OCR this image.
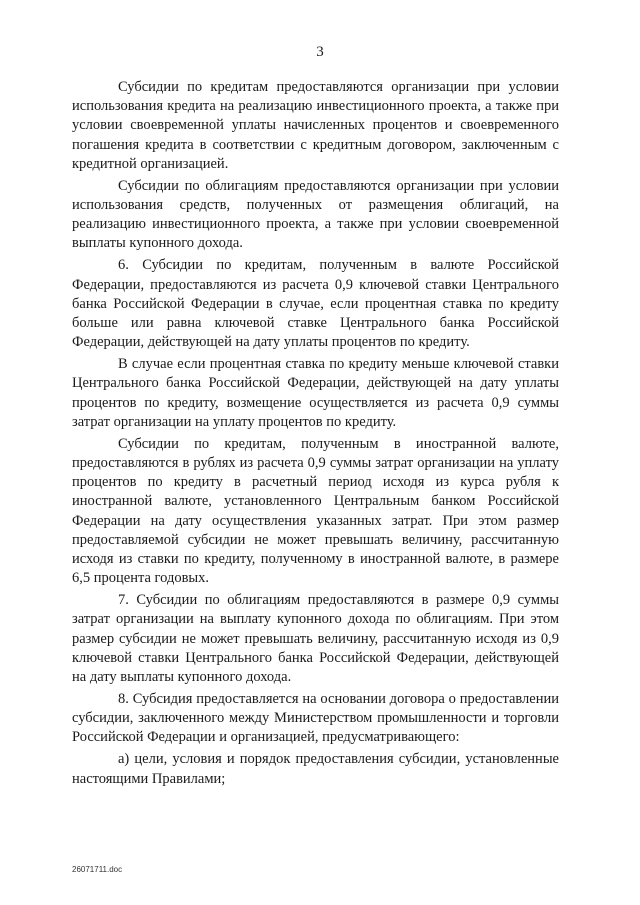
3

Субсидии по кредитам предоставляются организации при условии использования кредита на реализацию инвестиционного проекта, а также при условии своевременной уплаты начисленных процентов и своевременного погашения кредита в соответствии с кредитным договором, заключенным с кредитной организацией.

Субсидии по облигациям предоставляются организации при условии использования средств, полученных от размещения облигаций, на реализацию инвестиционного проекта, а также при условии своевременной выплаты купонного дохода.

6. Субсидии по кредитам, полученным в валюте Российской Федерации, предоставляются из расчета 0,9 ключевой ставки Центрального банка Российской Федерации в случае, если процентная ставка по кредиту больше или равна ключевой ставке Центрального банка Российской Федерации, действующей на дату уплаты процентов по кредиту.

В случае если процентная ставка по кредиту меньше ключевой ставки Центрального банка Российской Федерации, действующей на дату уплаты процентов по кредиту, возмещение осуществляется из расчета 0,9 суммы затрат организации на уплату процентов по кредиту.

Субсидии по кредитам, полученным в иностранной валюте, предоставляются в рублях из расчета 0,9 суммы затрат организации на уплату процентов по кредиту в расчетный период исходя из курса рубля к иностранной валюте, установленного Центральным банком Российской Федерации на дату осуществления указанных затрат. При этом размер предоставляемой субсидии не может превышать величину, рассчитанную исходя из ставки по кредиту, полученному в иностранной валюте, в размере 6,5 процента годовых.

7. Субсидии по облигациям предоставляются в размере 0,9 суммы затрат организации на выплату купонного дохода по облигациям. При этом размер субсидии не может превышать величину, рассчитанную исходя из 0,9 ключевой ставки Центрального банка Российской Федерации, действующей на дату выплаты купонного дохода.

8. Субсидия предоставляется на основании договора о предоставлении субсидии, заключенного между Министерством промышленности и торговли Российской Федерации и организацией, предусматривающего:

а) цели, условия и порядок предоставления субсидии, установленные настоящими Правилами;

26071711.doc
